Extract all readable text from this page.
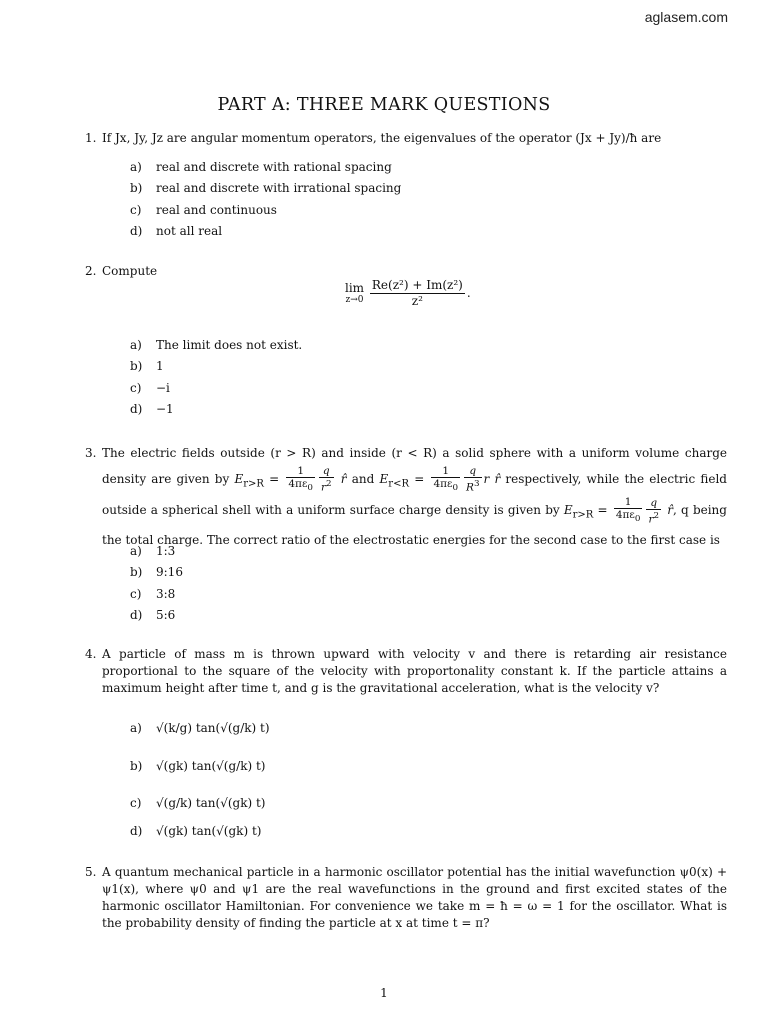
aglasem.com
PART A: THREE MARK QUESTIONS
1. If Jx, Jy, Jz are angular momentum operators, the eigenvalues of the operator (Jx + Jy)/ħ are
a) real and discrete with rational spacing
b) real and discrete with irrational spacing
c) real and continuous
d) not all real
2. Compute
lim
z→0
$\frac{\text{Re(z²) + Im(z²)}}{\text{z²}}$ .
a) The limit does not exist.
b) 1
c) −i
d) −1
3. The electric fields outside (r > R) and inside (r < R) a solid sphere with a uniform volume charge density are given by $E_{r>R} = \frac{1}{4\pi\varepsilon_0} \frac{q}{r^2}$ r̂ and $E_{r<R} = \frac{1}{4\pi\varepsilon_0} \frac{q}{R^3}$ r r̂ respectively, while the electric field outside a spherical shell with a uniform surface charge density is given by $E_{r>R} = \frac{1}{4\pi\varepsilon_0} \frac{q}{r^2}$ r̂, q being the total charge. The correct ratio of the electrostatic energies for the second case to the first case is
a) 1:3
b) 9:16
c) 3:8
d) 5:6
4. A particle of mass m is thrown upward with velocity v and there is retarding air resistance proportional to the square of the velocity with proportonality constant k. If the particle attains a maximum height after time t, and g is the gravitational acceleration, what is the velocity v?
a) √(k/g) tan(√(g/k) t)
b) √(gk) tan(√(g/k) t)
c) √(g/k) tan(√(gk) t)
d) √(gk) tan(√(gk) t)
5. A quantum mechanical particle in a harmonic oscillator potential has the initial wavefunction ψ0(x) + ψ1(x), where ψ0 and ψ1 are the real wavefunctions in the ground and first excited states of the harmonic oscillator Hamiltonian. For convenience we take m = ħ = ω = 1 for the oscillator. What is the probability density of finding the particle at x at time t = π?
1
